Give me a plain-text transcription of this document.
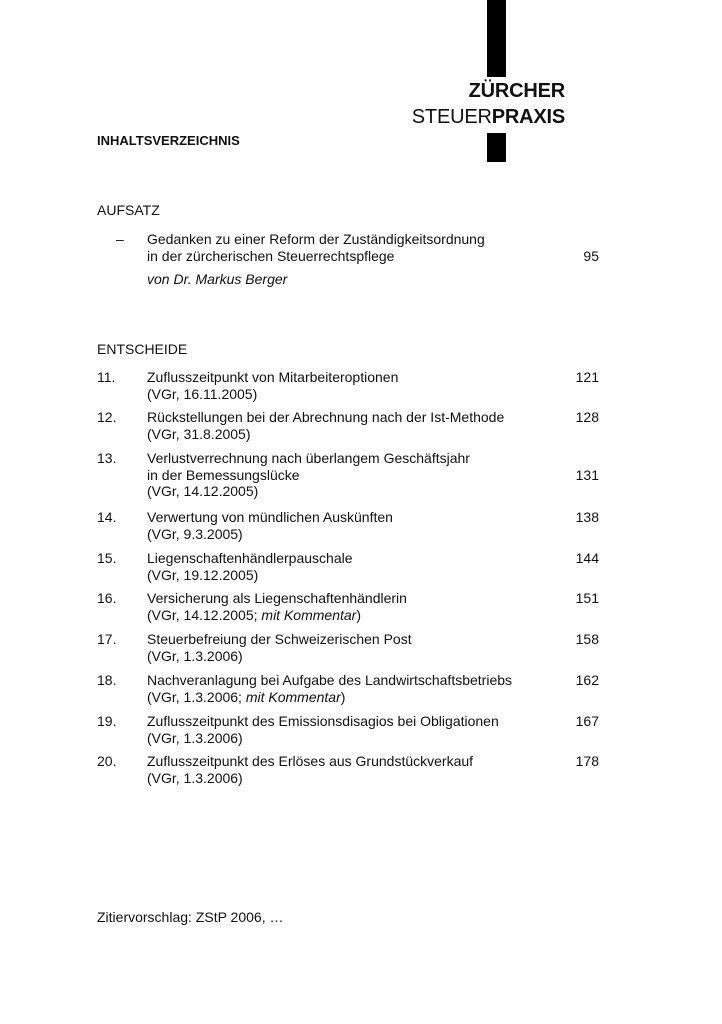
ZÜRCHER
STEUERPRAXIS
INHALTSVERZEICHNIS
AUFSATZ
– Gedanken zu einer Reform der Zuständigkeitsordnung
in der zürcherischen Steuerrechtspflege
von Dr. Markus Berger
95
ENTSCHEIDE
11. Zuflusszeitpunkt von Mitarbeiteroptionen
(VGr, 16.11.2005)
121
12. Rückstellungen bei der Abrechnung nach der Ist-Methode
(VGr, 31.8.2005)
128
13. Verlustverrechnung nach überlangem Geschäftsjahr
in der Bemessungslücke
(VGr, 14.12.2005)
131
14. Verwertung von mündlichen Auskünften
(VGr, 9.3.2005)
138
15. Liegenschaftenhändlerpauschale
(VGr, 19.12.2005)
144
16. Versicherung als Liegenschaftenhändlerin
(VGr, 14.12.2005; mit Kommentar)
151
17. Steuerbefreiung der Schweizerischen Post
(VGr, 1.3.2006)
158
18. Nachveranlagung bei Aufgabe des Landwirtschaftsbetriebs
(VGr, 1.3.2006; mit Kommentar)
162
19. Zuflusszeitpunkt des Emissionsdisagios bei Obligationen
(VGr, 1.3.2006)
167
20. Zuflusszeitpunkt des Erlöses aus Grundstückverkauf
(VGr, 1.3.2006)
178
Zitiervorschlag: ZStP 2006, …
